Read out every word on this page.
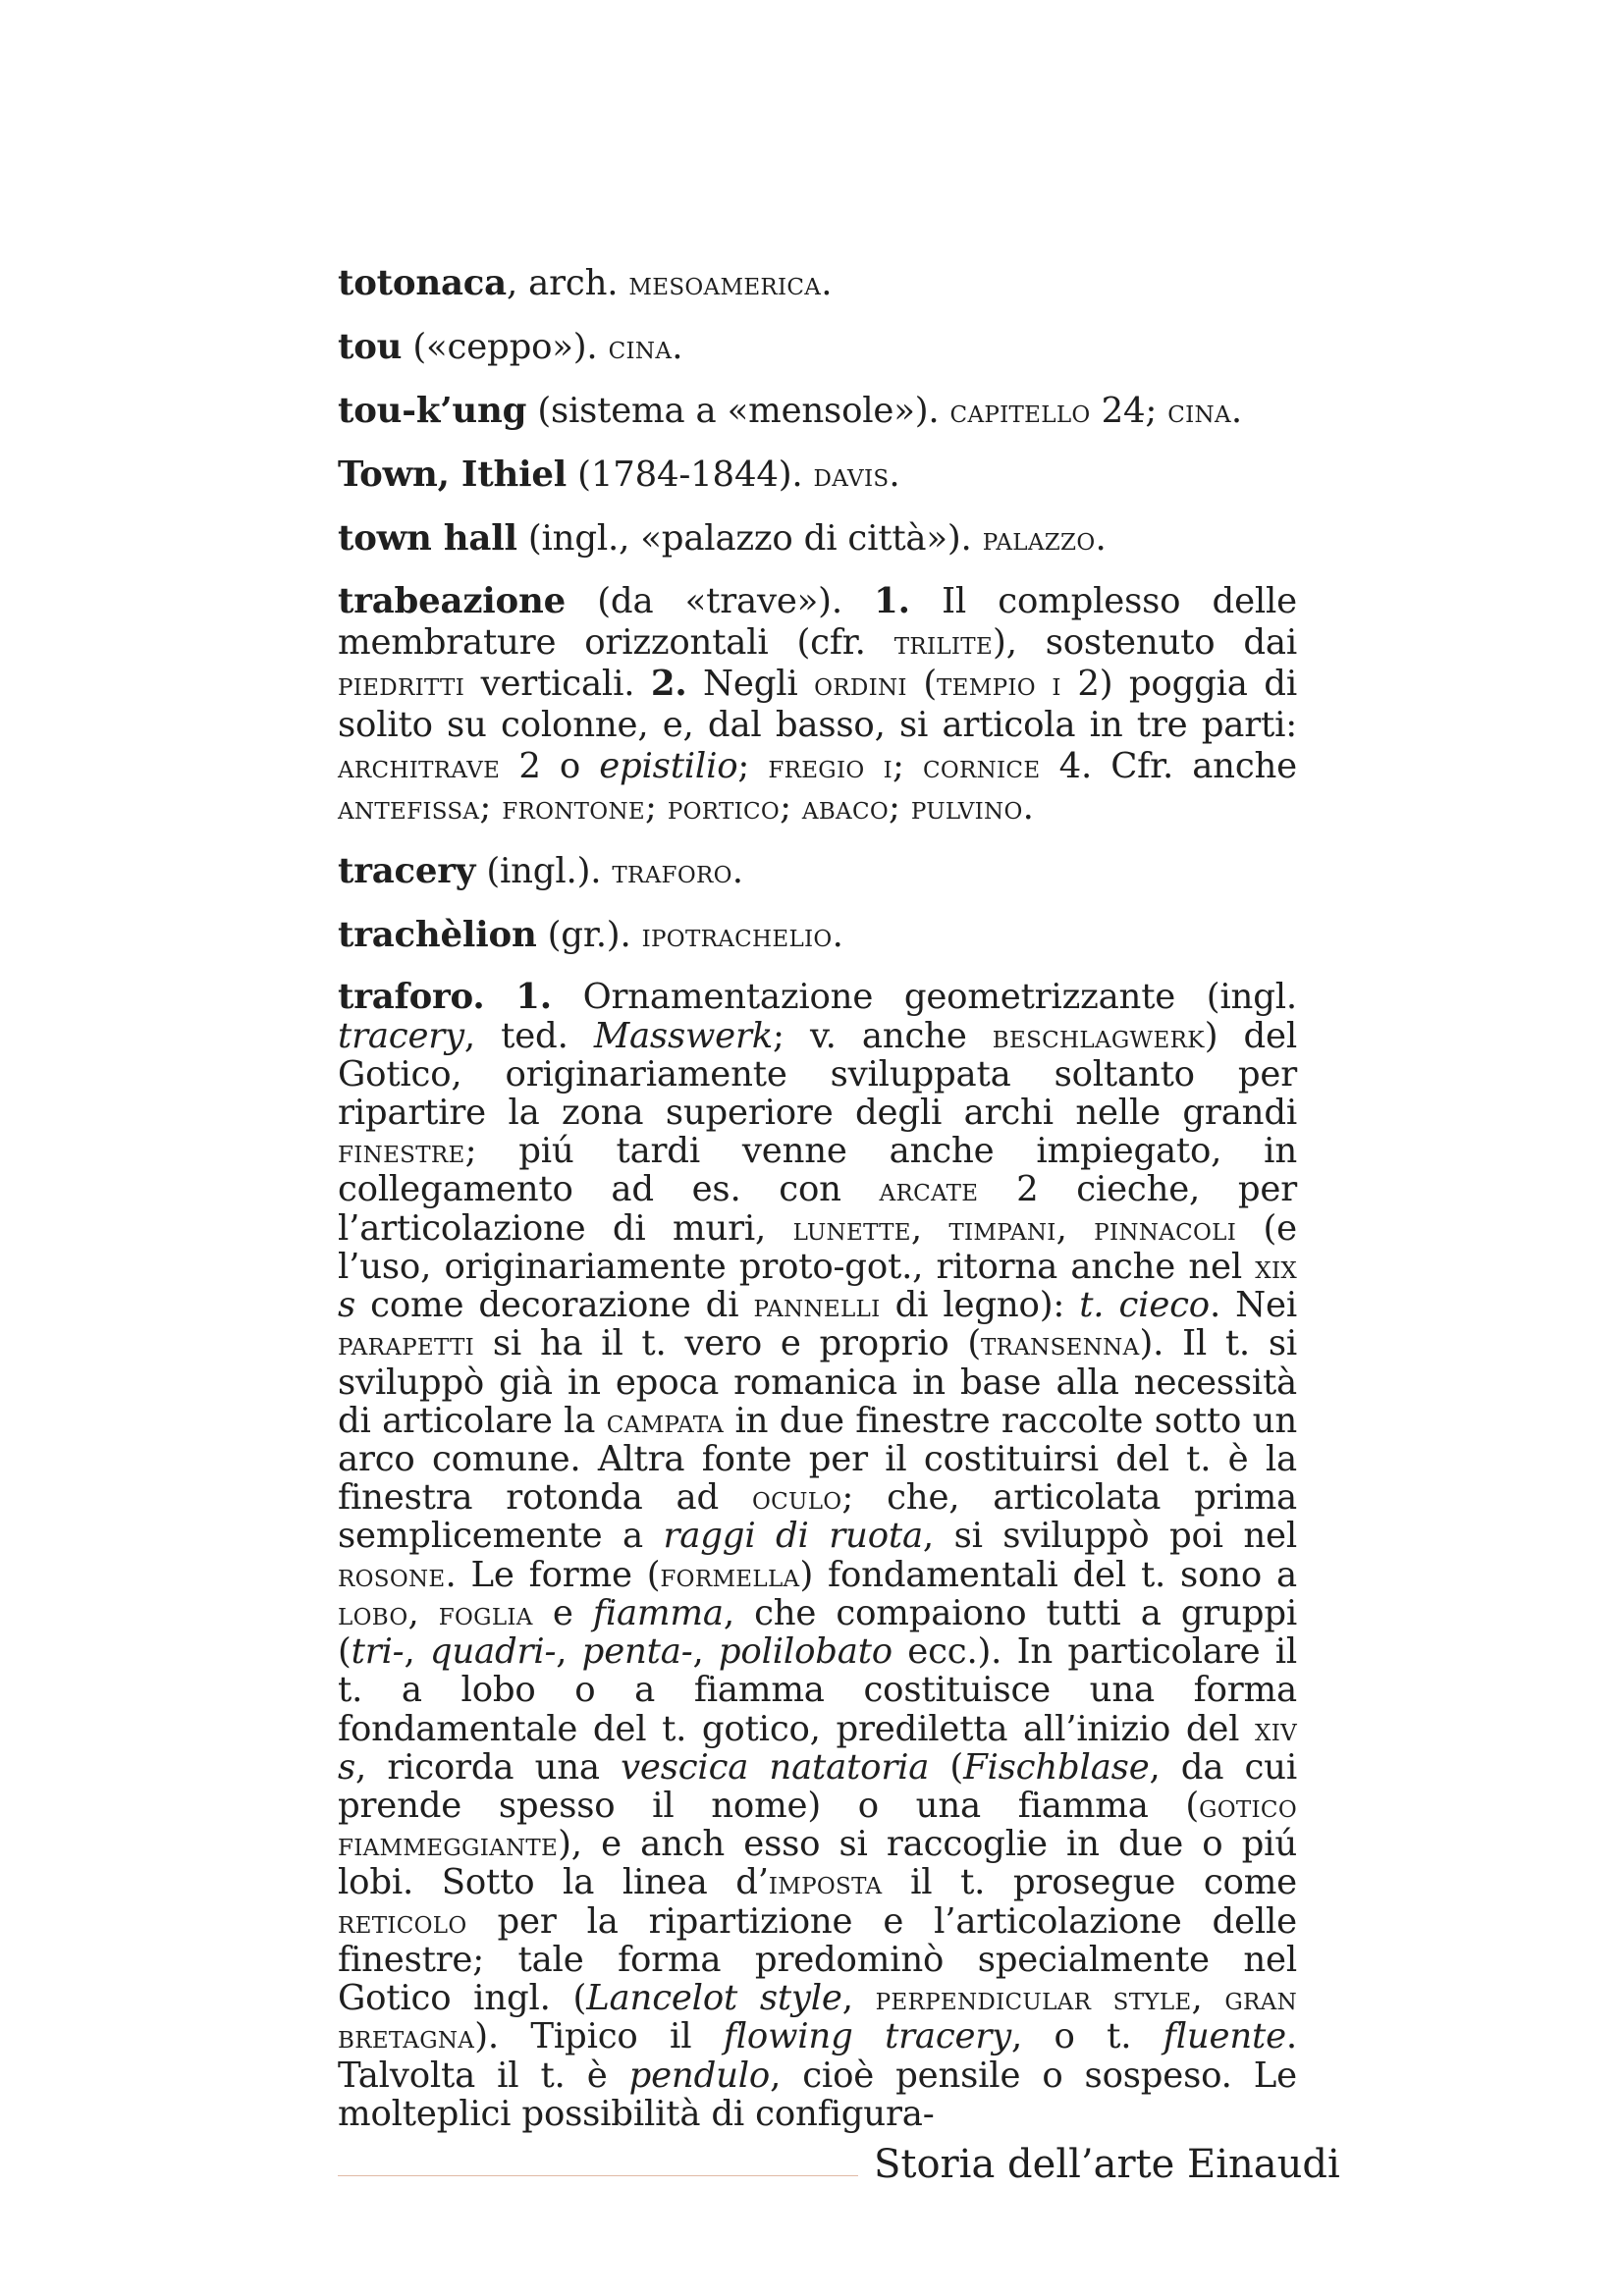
totonaca, arch. mesoamerica.

tou («ceppo»). cina.

tou-k’ung (sistema a «mensole»). capitello 24; cina.

Town, Ithiel (1784-1844). davis.

town hall (ingl., «palazzo di città»). palazzo.

trabeazione (da «trave»). 1. Il complesso delle membrature orizzontali (cfr. trilite), sostenuto dai piedritti verticali. 2. Negli ordini (tempio i 2) poggia di solito su colonne, e, dal basso, si articola in tre parti: architrave 2 o epistilio; fregio i; cornice 4. Cfr. anche antefissa; frontone; portico; abaco; pulvino.

tracery (ingl.). traforo.

trachèlion (gr.). ipotrachelio.

traforo. 1. Ornamentazione geometrizzante (ingl. tracery, ted. Masswerk; v. anche beschlagwerk) del Gotico, originariamente sviluppata soltanto per ripartire la zona superiore degli archi nelle grandi finestre; piú tardi venne anche impiegato, in collegamento ad es. con arcate 2 cieche, per l’articolazione di muri, lunette, timpani, pinnacoli (e l’uso, originariamente proto-got., ritorna anche nel xix s come decorazione di pannelli di legno): t. cieco. Nei parapetti si ha il t. vero e proprio (transenna). Il t. si sviluppò già in epoca romanica in base alla necessità di articolare la campata in due finestre raccolte sotto un arco comune. Altra fonte per il costituirsi del t. è la finestra rotonda ad oculo; che, articolata prima semplicemente a raggi di ruota, si sviluppò poi nel rosone. Le forme (formella) fondamentali del t. sono a lobo, foglia e fiamma, che compaiono tutti a gruppi (tri-, quadri-, penta-, polilobato ecc.). In particolare il t. a lobo o a fiamma costituisce una forma fondamentale del t. gotico, prediletta all’inizio del xiv s, ricorda una vescica natatoria (Fischblase, da cui prende spesso il nome) o una fiamma (gotico fiammeggiante), e anch esso si raccoglie in due o piú lobi. Sotto la linea d’imposta il t. prosegue come reticolo per la ripartizione e l’articolazione delle finestre; tale forma predominò specialmente nel Gotico ingl. (Lancelot style, perpendicular style, gran bretagna). Tipico il flowing tracery, o t. fluente. Talvolta il t. è pendulo, cioè pensile o sospeso. Le molteplici possibilità di configura-

Storia dell’arte Einaudi
